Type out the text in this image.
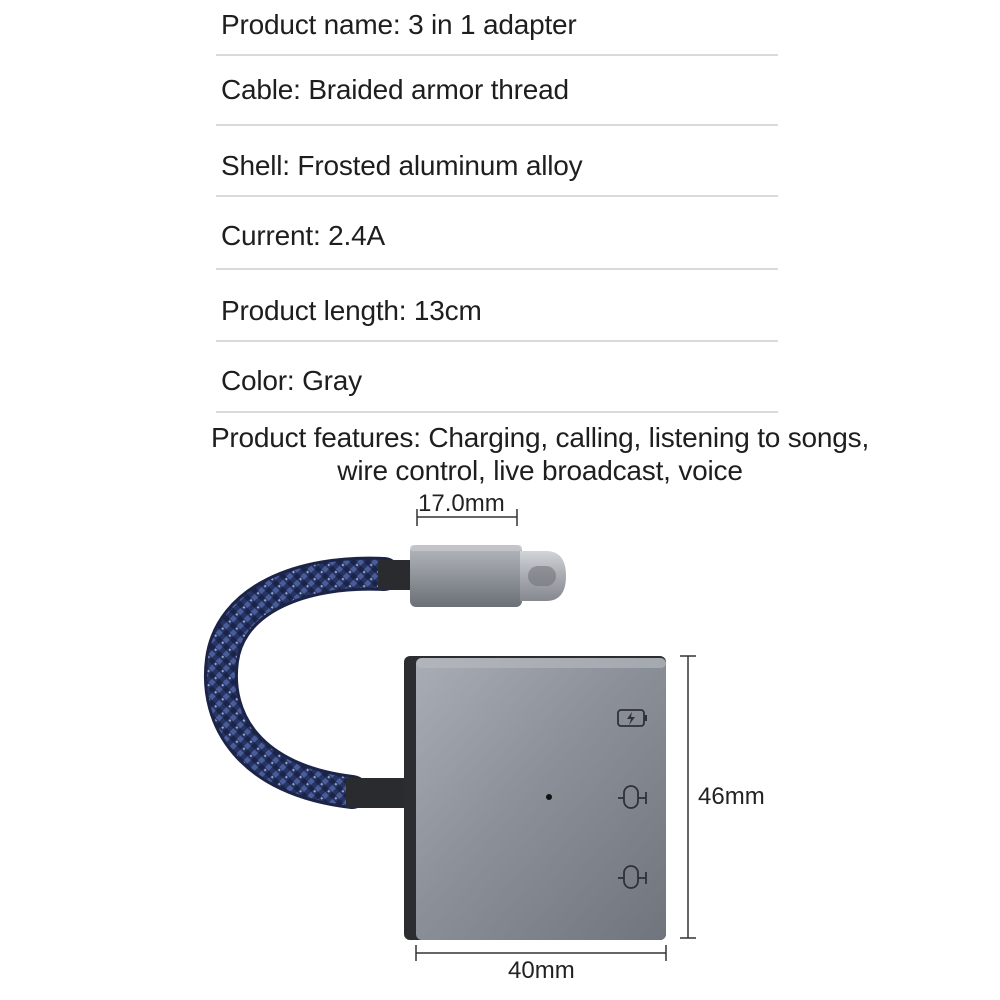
Product name: 3 in 1 adapter
Cable: Braided armor thread
Shell: Frosted aluminum alloy
Current: 2.4A
Product length: 13cm
Color: Gray
Product features: Charging, calling, listening to songs,
wire control, live broadcast, voice
17.0mm
46mm
40mm
